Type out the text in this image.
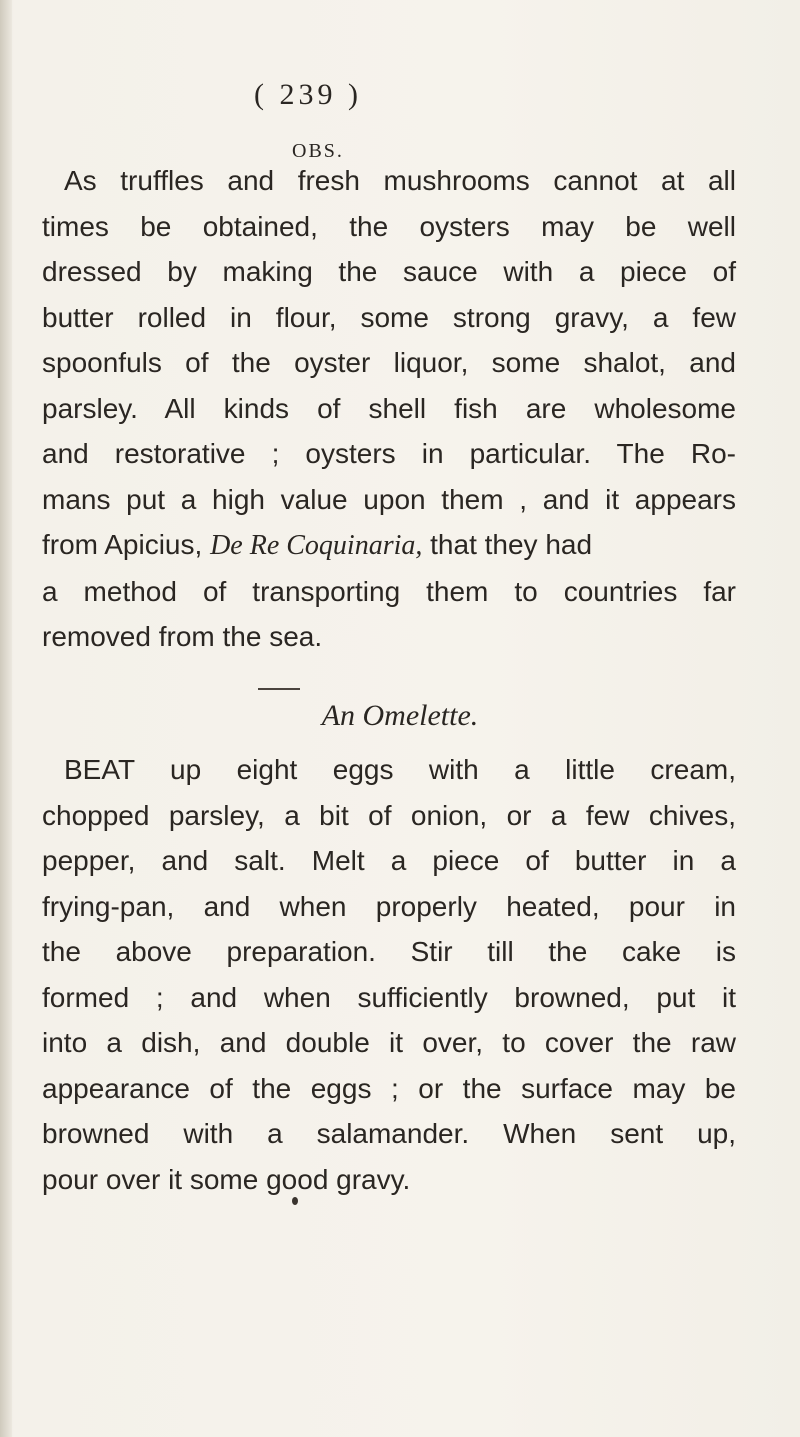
( 239 )
OBS.
As truffles and fresh mushrooms cannot at all
times be obtained, the oysters may be well
dressed by making the sauce with a piece of
butter rolled in flour, some strong gravy, a few
spoonfuls of the oyster liquor, some shalot, and
parsley. All kinds of shell fish are wholesome
and restorative ; oysters in particular. The Ro-
mans put a high value upon them , and it appears
from Apicius, De Re Coquinaria, that they had
a method of transporting them to countries far
removed from the sea.
An Omelette.
BEAT up eight eggs with a little cream,
chopped parsley, a bit of onion, or a few chives,
pepper, and salt. Melt a piece of butter in a
frying-pan, and when properly heated, pour in
the above preparation. Stir till the cake is
formed ; and when sufficiently browned, put it
into a dish, and double it over, to cover the raw
appearance of the eggs ; or the surface may be
browned with a salamander. When sent up,
pour over it some good gravy.
